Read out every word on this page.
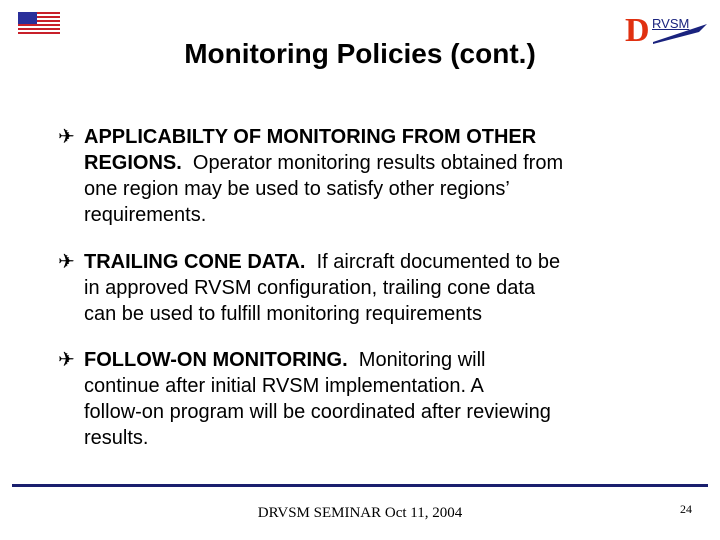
Monitoring Policies (cont.)
D RVSM
✈ APPLICABILTY OF MONITORING FROM OTHER
REGIONS. Operator monitoring results obtained from
one region may be used to satisfy other regions’
requirements.
✈ TRAILING CONE DATA. If aircraft documented to be
in approved RVSM configuration, trailing cone data
can be used to fulfill monitoring requirements
✈ FOLLOW-ON MONITORING. Monitoring will
continue after initial RVSM implementation. A
follow-on program will be coordinated after reviewing
results.
DRVSM SEMINAR Oct 11, 2004	24
